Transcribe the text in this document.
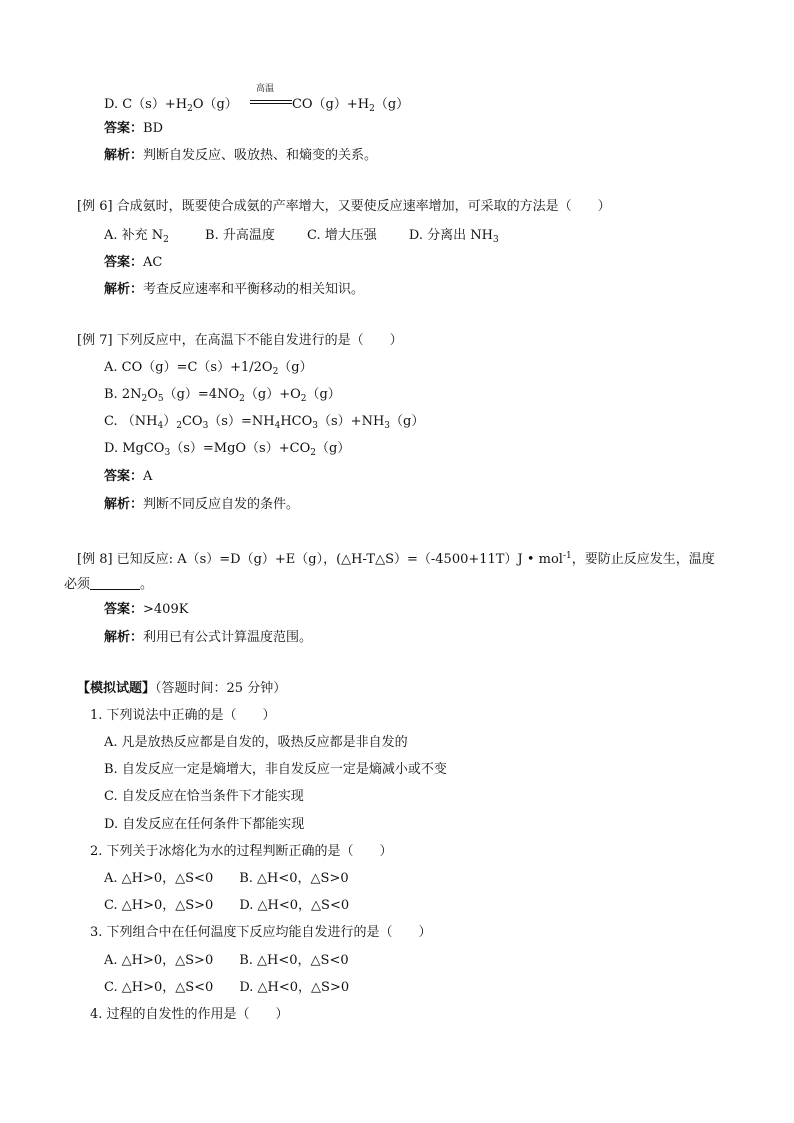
D. $C(s)+H_2O(g)$
高温
$CO(g)+H_2(g)$
答案：BD
解析：判断自发反应、吸放热、和熵变的关系。
[例 6] 合成氨时，既要使合成氨的产率增大，又要使反应速率增加，可采取的方法是（　　）
A. 补充 $N_2$	B. 升高温度 C. 增大压强 D. 分离出 $NH_3$
答案：AC
解析：考查反应速率和平衡移动的相关知识。
[例 7] 下列反应中，在高温下不能自发进行的是（　　）
A. $CO(g)=C(s)+1/2O_2(g)$
B. $2N_2O_5(g)=4NO_2(g)+O_2(g)$
C. $(NH_4)_2CO_3(s)=NH_4HCO_3(s)+NH_3(g)$
D. $MgCO_3(s)=MgO(s)+CO_2(g)$
答案：A
解析：判断不同反应自发的条件。
[例 8] 已知反应: A（s）=D（g）+E（g），(△H-T△S）=（-4500+11T）J • mol$^{-1}$，要防止反应发生，温度
必须	。
答案：>409K
解析：利用已有公式计算温度范围。
【模拟试题】（答题时间：25 分钟）
1. 下列说法中正确的是（　　）
A. 凡是放热反应都是自发的，吸热反应都是非自发的
B. 自发反应一定是熵增大，非自发反应一定是熵减小或不变
C. 自发反应在恰当条件下才能实现
D. 自发反应在任何条件下都能实现
2. 下列关于冰熔化为水的过程判断正确的是（　　）
A. △H>0，△S<0 B. △H<0，△S>0
C. △H>0，△S>0 D. △H<0，△S<0
3. 下列组合中在任何温度下反应均能自发进行的是（　　）
A. △H>0，△S>0 B. △H<0，△S<0
C. △H>0，△S<0 D. △H<0，△S>0
4. 过程的自发性的作用是（　　）
